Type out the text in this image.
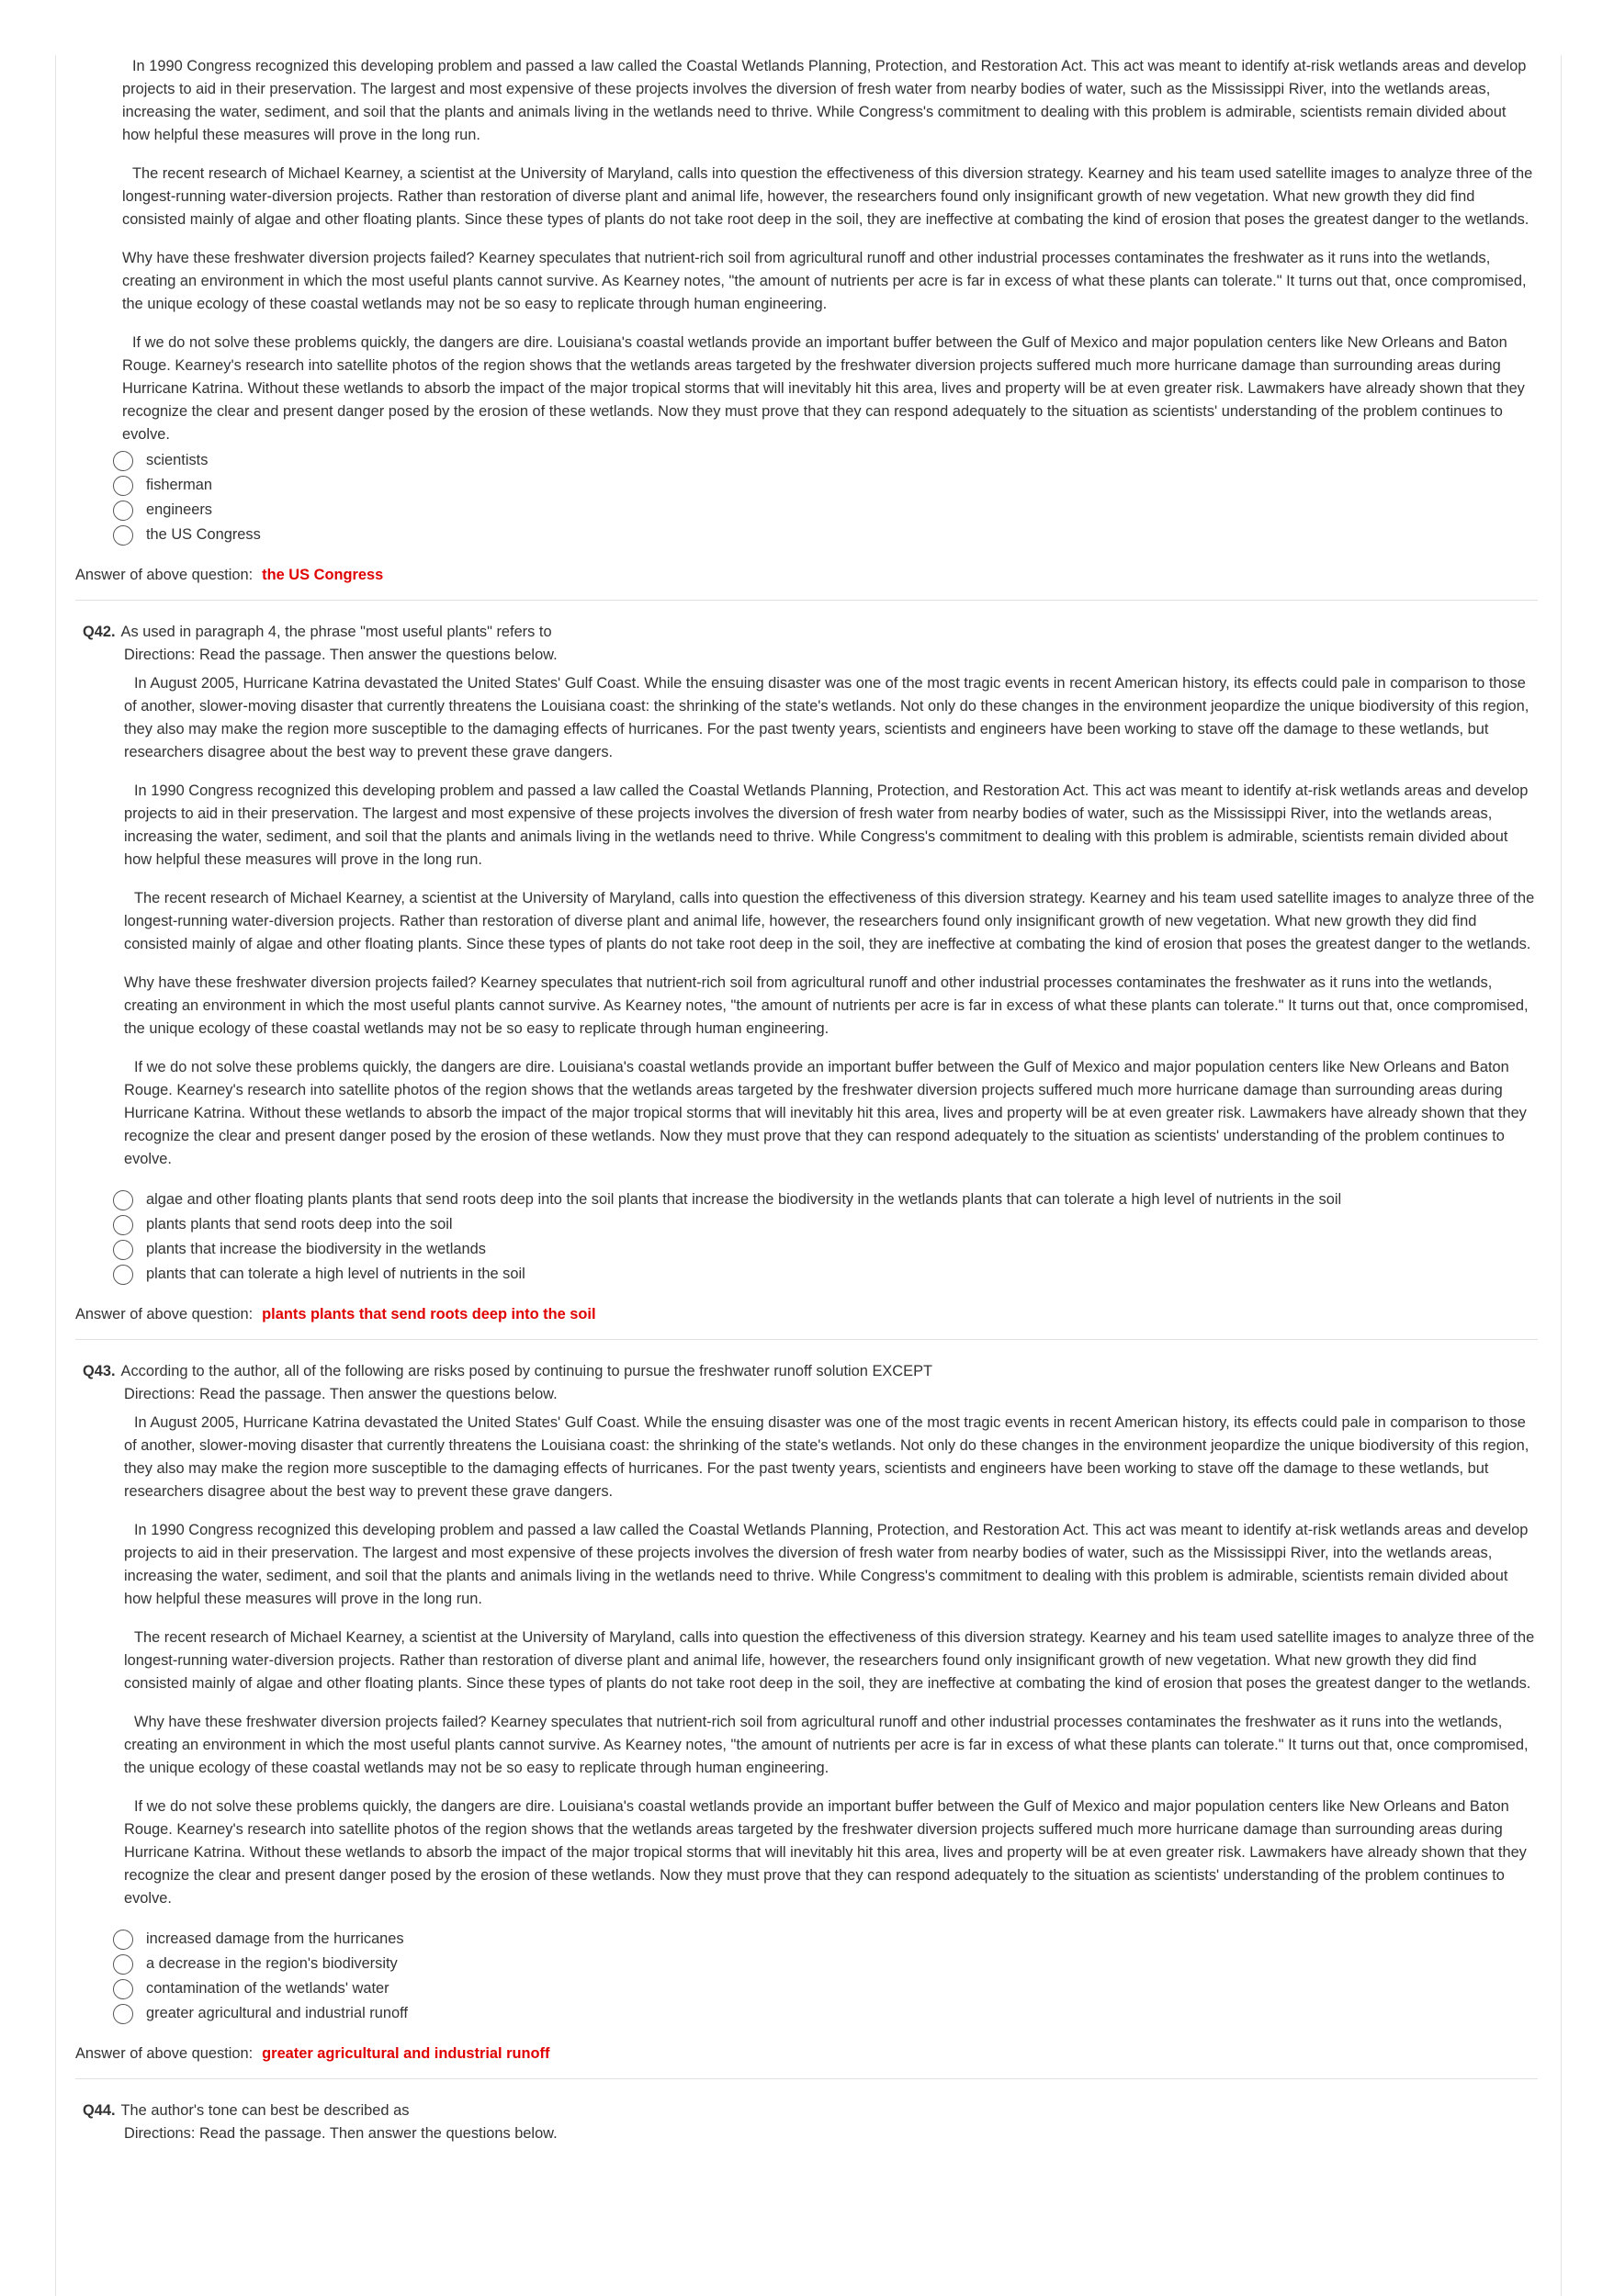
In 1990 Congress recognized this developing problem and passed a law called the Coastal Wetlands Planning, Protection, and Restoration Act. This act was meant to identify at-risk wetlands areas and develop projects to aid in their preservation. The largest and most expensive of these projects involves the diversion of fresh water from nearby bodies of water, such as the Mississippi River, into the wetlands areas, increasing the water, sediment, and soil that the plants and animals living in the wetlands need to thrive. While Congress's commitment to dealing with this problem is admirable, scientists remain divided about how helpful these measures will prove in the long run.

The recent research of Michael Kearney, a scientist at the University of Maryland, calls into question the effectiveness of this diversion strategy. Kearney and his team used satellite images to analyze three of the longest-running water-diversion projects. Rather than restoration of diverse plant and animal life, however, the researchers found only insignificant growth of new vegetation. What new growth they did find consisted mainly of algae and other floating plants. Since these types of plants do not take root deep in the soil, they are ineffective at combating the kind of erosion that poses the greatest danger to the wetlands.

Why have these freshwater diversion projects failed? Kearney speculates that nutrient-rich soil from agricultural runoff and other industrial processes contaminates the freshwater as it runs into the wetlands, creating an environment in which the most useful plants cannot survive. As Kearney notes, "the amount of nutrients per acre is far in excess of what these plants can tolerate." It turns out that, once compromised, the unique ecology of these coastal wetlands may not be so easy to replicate through human engineering.

If we do not solve these problems quickly, the dangers are dire. Louisiana's coastal wetlands provide an important buffer between the Gulf of Mexico and major population centers like New Orleans and Baton Rouge. Kearney's research into satellite photos of the region shows that the wetlands areas targeted by the freshwater diversion projects suffered much more hurricane damage than surrounding areas during Hurricane Katrina. Without these wetlands to absorb the impact of the major tropical storms that will inevitably hit this area, lives and property will be at even greater risk. Lawmakers have already shown that they recognize the clear and present danger posed by the erosion of these wetlands. Now they must prove that they can respond adequately to the situation as scientists' understanding of the problem continues to evolve.

scientists
fisherman
engineers
the US Congress
Answer of above question: the US Congress
Q42. As used in paragraph 4, the phrase "most useful plants" refers to
Directions: Read the passage. Then answer the questions below.

In August 2005, Hurricane Katrina devastated the United States' Gulf Coast. While the ensuing disaster was one of the most tragic events in recent American history, its effects could pale in comparison to those of another, slower-moving disaster that currently threatens the Louisiana coast: the shrinking of the state's wetlands. Not only do these changes in the environment jeopardize the unique biodiversity of this region, they also may make the region more susceptible to the damaging effects of hurricanes. For the past twenty years, scientists and engineers have been working to stave off the damage to these wetlands, but researchers disagree about the best way to prevent these grave dangers.

In 1990 Congress recognized this developing problem and passed a law called the Coastal Wetlands Planning, Protection, and Restoration Act. This act was meant to identify at-risk wetlands areas and develop projects to aid in their preservation. The largest and most expensive of these projects involves the diversion of fresh water from nearby bodies of water, such as the Mississippi River, into the wetlands areas, increasing the water, sediment, and soil that the plants and animals living in the wetlands need to thrive. While Congress's commitment to dealing with this problem is admirable, scientists remain divided about how helpful these measures will prove in the long run.

The recent research of Michael Kearney, a scientist at the University of Maryland, calls into question the effectiveness of this diversion strategy. Kearney and his team used satellite images to analyze three of the longest-running water-diversion projects. Rather than restoration of diverse plant and animal life, however, the researchers found only insignificant growth of new vegetation. What new growth they did find consisted mainly of algae and other floating plants. Since these types of plants do not take root deep in the soil, they are ineffective at combating the kind of erosion that poses the greatest danger to the wetlands.

Why have these freshwater diversion projects failed? Kearney speculates that nutrient-rich soil from agricultural runoff and other industrial processes contaminates the freshwater as it runs into the wetlands, creating an environment in which the most useful plants cannot survive. As Kearney notes, "the amount of nutrients per acre is far in excess of what these plants can tolerate." It turns out that, once compromised, the unique ecology of these coastal wetlands may not be so easy to replicate through human engineering.

If we do not solve these problems quickly, the dangers are dire. Louisiana's coastal wetlands provide an important buffer between the Gulf of Mexico and major population centers like New Orleans and Baton Rouge. Kearney's research into satellite photos of the region shows that the wetlands areas targeted by the freshwater diversion projects suffered much more hurricane damage than surrounding areas during Hurricane Katrina. Without these wetlands to absorb the impact of the major tropical storms that will inevitably hit this area, lives and property will be at even greater risk. Lawmakers have already shown that they recognize the clear and present danger posed by the erosion of these wetlands. Now they must prove that they can respond adequately to the situation as scientists' understanding of the problem continues to evolve.

algae and other floating plants plants that send roots deep into the soil plants that increase the biodiversity in the wetlands plants that can tolerate a high level of nutrients in the soil
plants plants that send roots deep into the soil
plants that increase the biodiversity in the wetlands
plants that can tolerate a high level of nutrients in the soil
Answer of above question: plants plants that send roots deep into the soil
Q43. According to the author, all of the following are risks posed by continuing to pursue the freshwater runoff solution EXCEPT
Directions: Read the passage. Then answer the questions below.

In August 2005, Hurricane Katrina devastated the United States' Gulf Coast. While the ensuing disaster was one of the most tragic events in recent American history, its effects could pale in comparison to those of another, slower-moving disaster that currently threatens the Louisiana coast: the shrinking of the state's wetlands. Not only do these changes in the environment jeopardize the unique biodiversity of this region, they also may make the region more susceptible to the damaging effects of hurricanes. For the past twenty years, scientists and engineers have been working to stave off the damage to these wetlands, but researchers disagree about the best way to prevent these grave dangers.

In 1990 Congress recognized this developing problem and passed a law called the Coastal Wetlands Planning, Protection, and Restoration Act. This act was meant to identify at-risk wetlands areas and develop projects to aid in their preservation. The largest and most expensive of these projects involves the diversion of fresh water from nearby bodies of water, such as the Mississippi River, into the wetlands areas, increasing the water, sediment, and soil that the plants and animals living in the wetlands need to thrive. While Congress's commitment to dealing with this problem is admirable, scientists remain divided about how helpful these measures will prove in the long run.

The recent research of Michael Kearney, a scientist at the University of Maryland, calls into question the effectiveness of this diversion strategy. Kearney and his team used satellite images to analyze three of the longest-running water-diversion projects. Rather than restoration of diverse plant and animal life, however, the researchers found only insignificant growth of new vegetation. What new growth they did find consisted mainly of algae and other floating plants. Since these types of plants do not take root deep in the soil, they are ineffective at combating the kind of erosion that poses the greatest danger to the wetlands.

Why have these freshwater diversion projects failed? Kearney speculates that nutrient-rich soil from agricultural runoff and other industrial processes contaminates the freshwater as it runs into the wetlands, creating an environment in which the most useful plants cannot survive. As Kearney notes, "the amount of nutrients per acre is far in excess of what these plants can tolerate." It turns out that, once compromised, the unique ecology of these coastal wetlands may not be so easy to replicate through human engineering.

If we do not solve these problems quickly, the dangers are dire. Louisiana's coastal wetlands provide an important buffer between the Gulf of Mexico and major population centers like New Orleans and Baton Rouge. Kearney's research into satellite photos of the region shows that the wetlands areas targeted by the freshwater diversion projects suffered much more hurricane damage than surrounding areas during Hurricane Katrina. Without these wetlands to absorb the impact of the major tropical storms that will inevitably hit this area, lives and property will be at even greater risk. Lawmakers have already shown that they recognize the clear and present danger posed by the erosion of these wetlands. Now they must prove that they can respond adequately to the situation as scientists' understanding of the problem continues to evolve.

increased damage from the hurricanes
a decrease in the region's biodiversity
contamination of the wetlands' water
greater agricultural and industrial runoff
Answer of above question: greater agricultural and industrial runoff
Q44. The author's tone can best be described as
Directions: Read the passage. Then answer the questions below.
